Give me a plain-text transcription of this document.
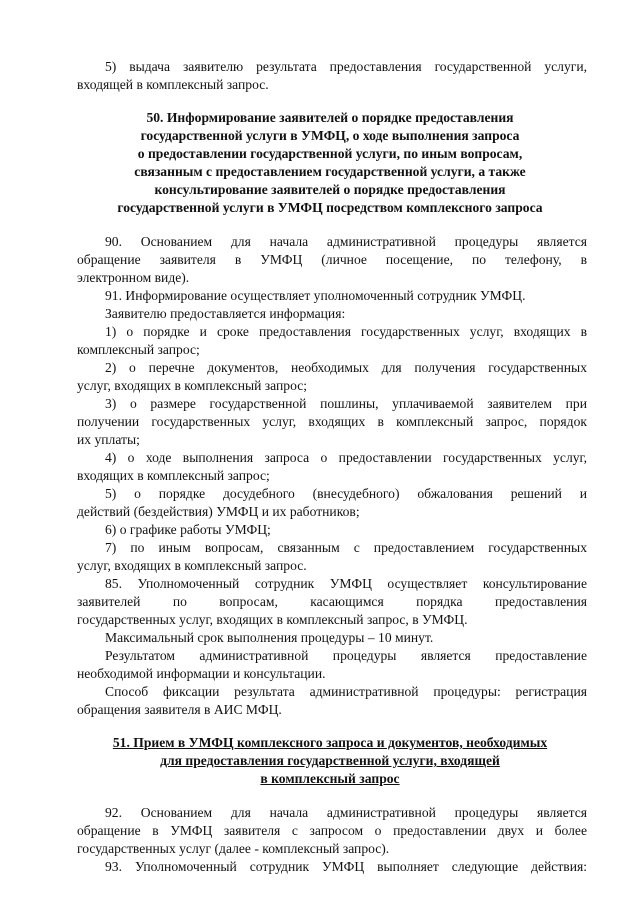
5) выдача заявителю результата предоставления государственной услуги,
входящей в комплексный запрос.
50. Информирование заявителей о порядке предоставления
государственной услуги в УМФЦ, о ходе выполнения запроса
о предоставлении государственной услуги, по иным вопросам,
связанным с предоставлением государственной услуги, а также
консультирование заявителей о порядке предоставления
государственной услуги в УМФЦ посредством комплексного запроса
90. Основанием для начала административной процедуры является
обращение заявителя в УМФЦ (личное посещение, по телефону, в
электронном виде).
91. Информирование осуществляет уполномоченный сотрудник УМФЦ.
Заявителю предоставляется информация:
1) о порядке и сроке предоставления государственных услуг, входящих в
комплексный запрос;
2) о перечне документов, необходимых для получения государственных
услуг, входящих в комплексный запрос;
3) о размере государственной пошлины, уплачиваемой заявителем при
получении государственных услуг, входящих в комплексный запрос, порядок
их уплаты;
4) о ходе выполнения запроса о предоставлении государственных услуг,
входящих в комплексный запрос;
5) о порядке досудебного (внесудебного) обжалования решений и
действий (бездействия) УМФЦ и их работников;
6) о графике работы УМФЦ;
7) по иным вопросам, связанным с предоставлением государственных
услуг, входящих в комплексный запрос.
85. Уполномоченный сотрудник УМФЦ осуществляет консультирование
заявителей по вопросам, касающимся порядка предоставления
государственных услуг, входящих в комплексный запрос, в УМФЦ.
Максимальный срок выполнения процедуры – 10 минут.
Результатом административной процедуры является предоставление
необходимой информации и консультации.
Способ фиксации результата административной процедуры: регистрация
обращения заявителя в АИС МФЦ.
51. Прием в УМФЦ комплексного запроса и документов, необходимых
для предоставления государственной услуги, входящей
в комплексный запрос
92. Основанием для начала административной процедуры является
обращение в УМФЦ заявителя с запросом о предоставлении двух и более
государственных услуг (далее - комплексный запрос).
93. Уполномоченный сотрудник УМФЦ выполняет следующие действия:
